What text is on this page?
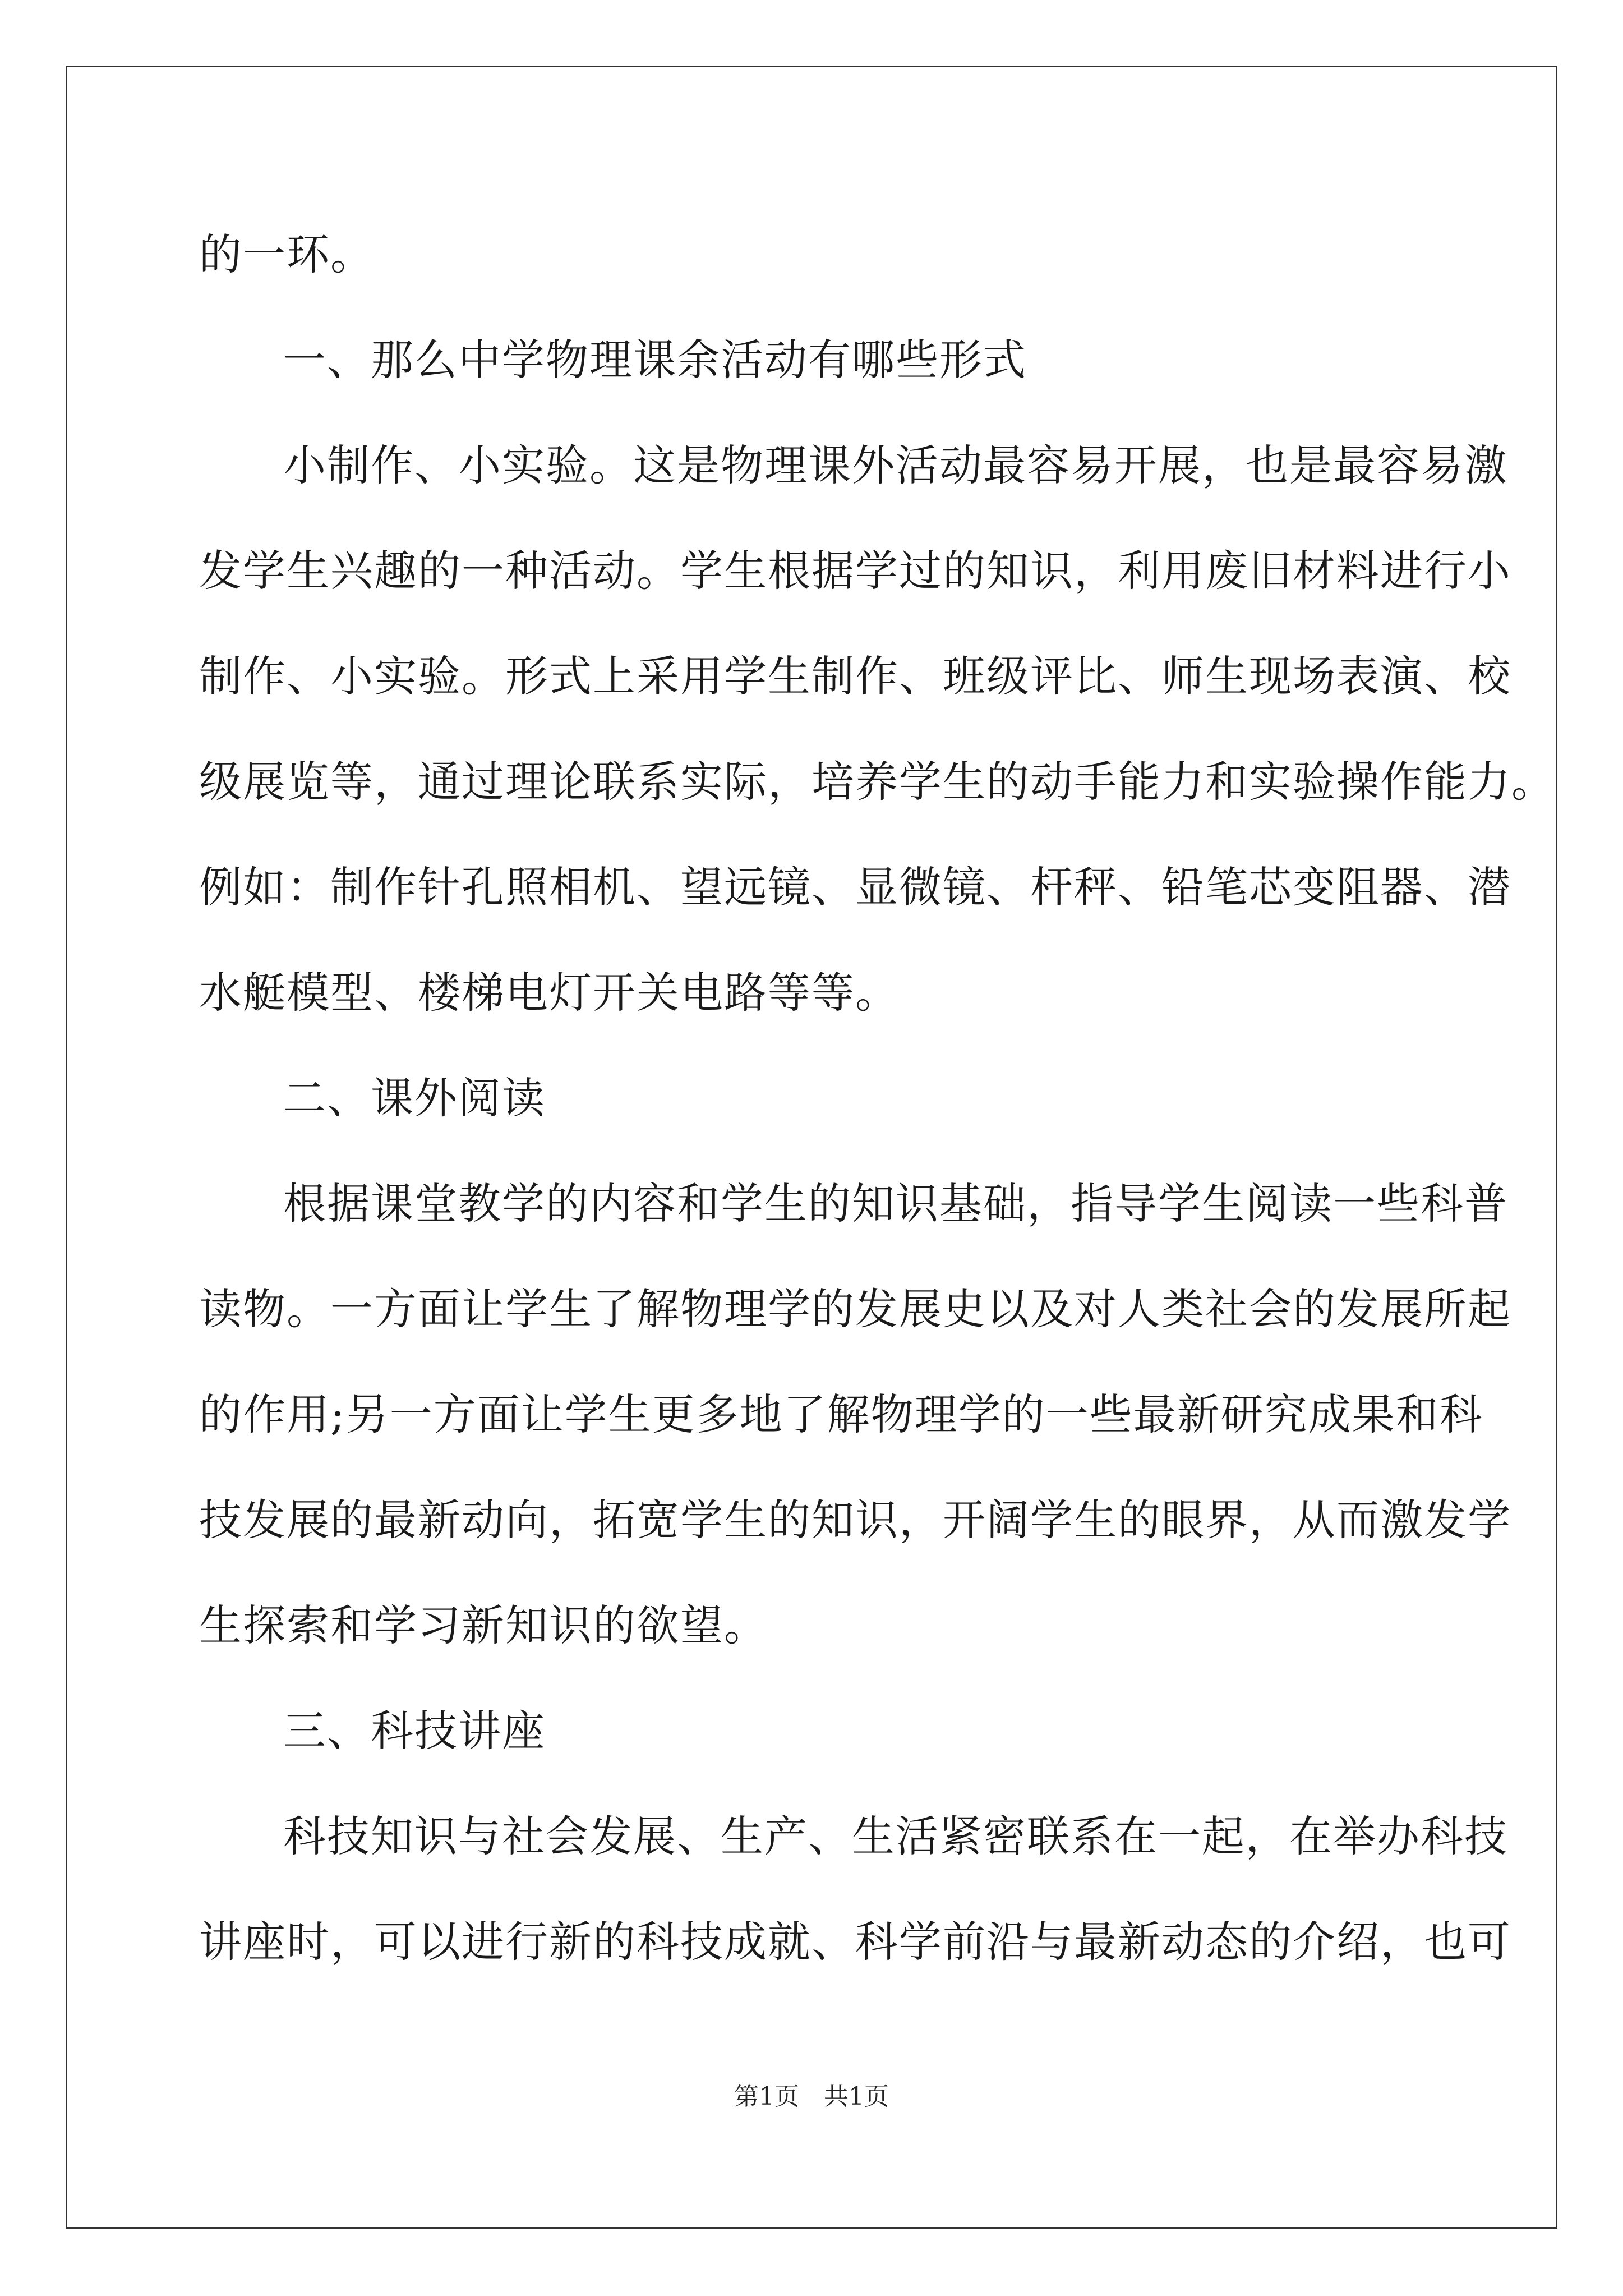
的一环。
一、那么中学物理课余活动有哪些形式
小制作、小实验。这是物理课外活动最容易开展，也是最容易激
发学生兴趣的一种活动。学生根据学过的知识，利用废旧材料进行小
制作、小实验。形式上采用学生制作、班级评比、师生现场表演、校
级展览等，通过理论联系实际，培养学生的动手能力和实验操作能力。
例如：制作针孔照相机、望远镜、显微镜、杆秤、铅笔芯变阻器、潜
水艇模型、楼梯电灯开关电路等等。
二、课外阅读
根据课堂教学的内容和学生的知识基础，指导学生阅读一些科普
读物。一方面让学生了解物理学的发展史以及对人类社会的发展所起
的作用;另一方面让学生更多地了解物理学的一些最新研究成果和科
技发展的最新动向，拓宽学生的知识，开阔学生的眼界，从而激发学
生探索和学习新知识的欲望。
三、科技讲座
科技知识与社会发展、生产、生活紧密联系在一起，在举办科技
讲座时，可以进行新的科技成就、科学前沿与最新动态的介绍，也可
第1页 共1页
